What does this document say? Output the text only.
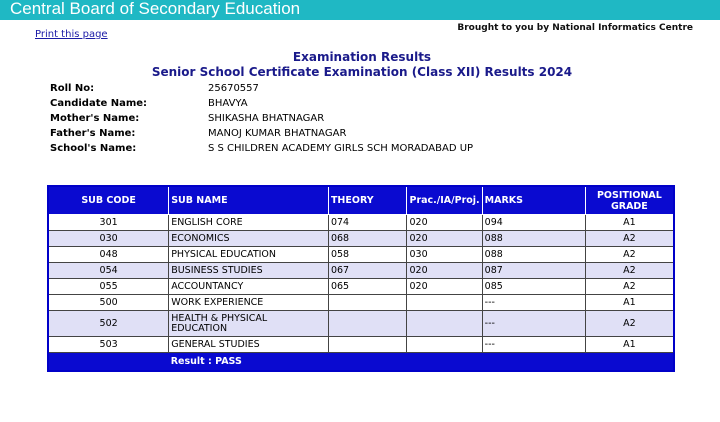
Central Board of Secondary Education
Print this page
Brought to you by National Informatics Centre
Examination Results
Senior School Certificate Examination (Class XII) Results 2024
Roll No:	25670557
Candidate Name:	BHAVYA
Mother's Name:	SHIKASHA BHATNAGAR
Father's Name:	MANOJ KUMAR BHATNAGAR
School's Name:	S S CHILDREN ACADEMY GIRLS SCH MORADABAD UP
SUB CODE	SUB NAME	THEORY	Prac./IA/Proj.	MARKS	POSITIONAL GRADE
301	ENGLISH CORE	074	020	094	A1
030	ECONOMICS	068	020	088	A2
048	PHYSICAL EDUCATION	058	030	088	A2
054	BUSINESS STUDIES	067	020	087	A2
055	ACCOUNTANCY	065	020	085	A2
500	WORK EXPERIENCE			---	A1
502	HEALTH & PHYSICAL EDUCATION			---	A2
503	GENERAL STUDIES			---	A1
	Result : PASS				
